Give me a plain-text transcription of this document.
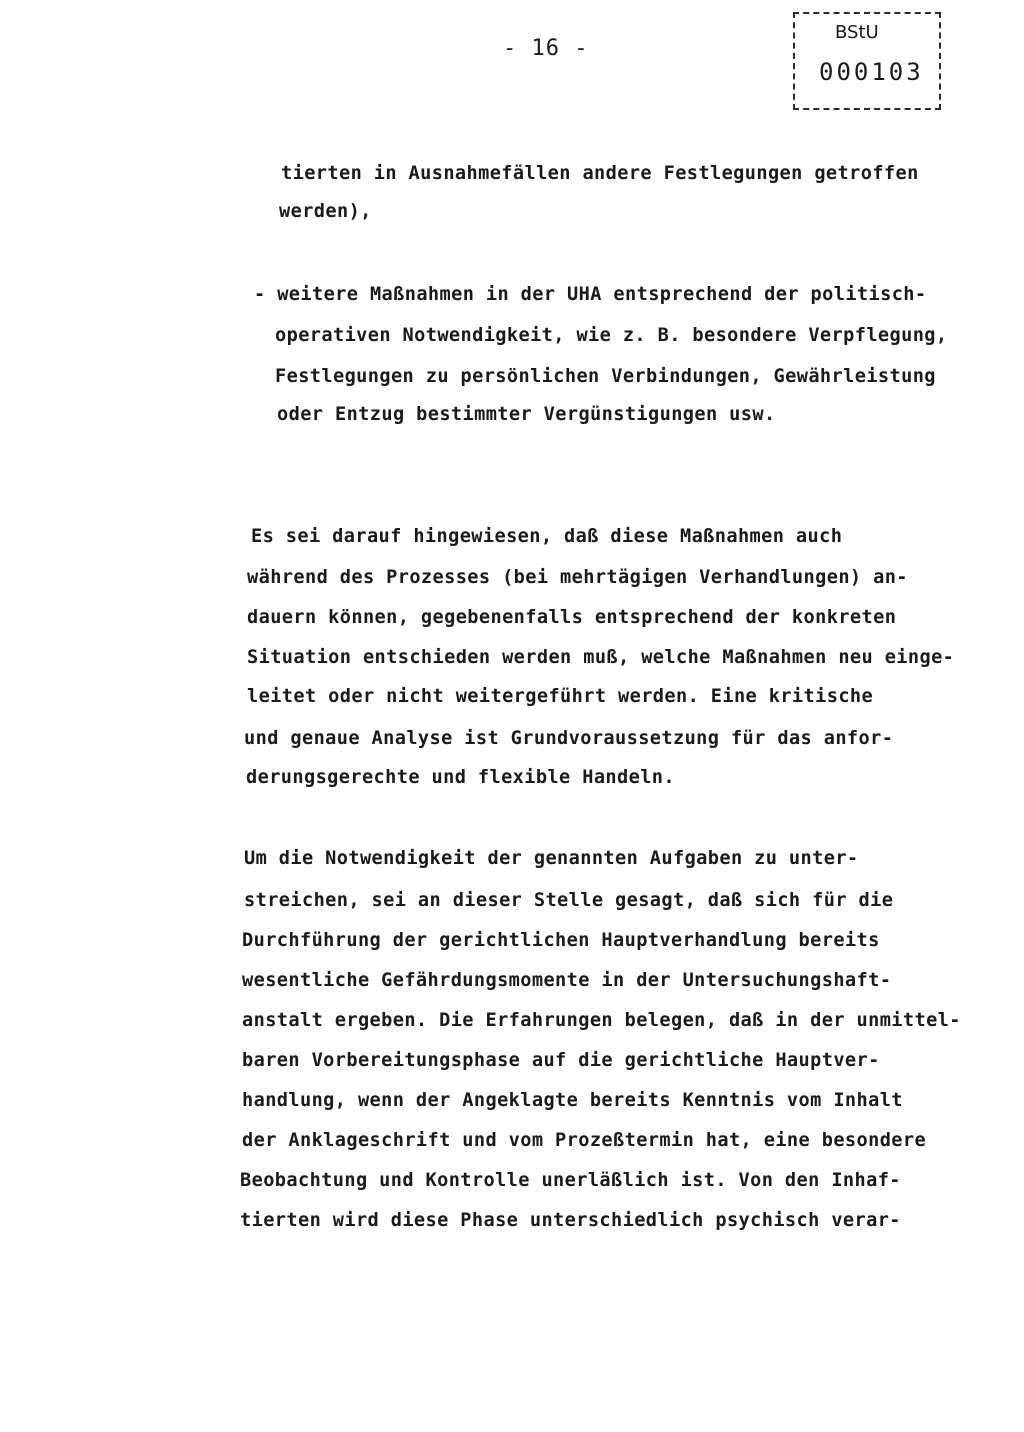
- 16 -
BStU
000103
tierten in Ausnahmefällen andere Festlegungen getroffen
werden),
- weitere Maßnahmen in der UHA entsprechend der politisch-
operativen Notwendigkeit, wie z. B. besondere Verpflegung,
Festlegungen zu persönlichen Verbindungen, Gewährleistung
oder Entzug bestimmter Vergünstigungen usw.
Es sei darauf hingewiesen, daß diese Maßnahmen auch
während des Prozesses (bei mehrtägigen Verhandlungen) an-
dauern können, gegebenenfalls entsprechend der konkreten
Situation entschieden werden muß, welche Maßnahmen neu einge-
leitet oder nicht weitergeführt werden. Eine kritische
und genaue Analyse ist Grundvoraussetzung für das anfor-
derungsgerechte und flexible Handeln.
Um die Notwendigkeit der genannten Aufgaben zu unter-
streichen, sei an dieser Stelle gesagt, daß sich für die
Durchführung der gerichtlichen Hauptverhandlung bereits
wesentliche Gefährdungsmomente in der Untersuchungshaft-
anstalt ergeben. Die Erfahrungen belegen, daß in der unmittel-
baren Vorbereitungsphase auf die gerichtliche Hauptver-
handlung, wenn der Angeklagte bereits Kenntnis vom Inhalt
der Anklageschrift und vom Prozeßtermin hat, eine besondere
Beobachtung und Kontrolle unerläßlich ist. Von den Inhaf-
tierten wird diese Phase unterschiedlich psychisch verar-
